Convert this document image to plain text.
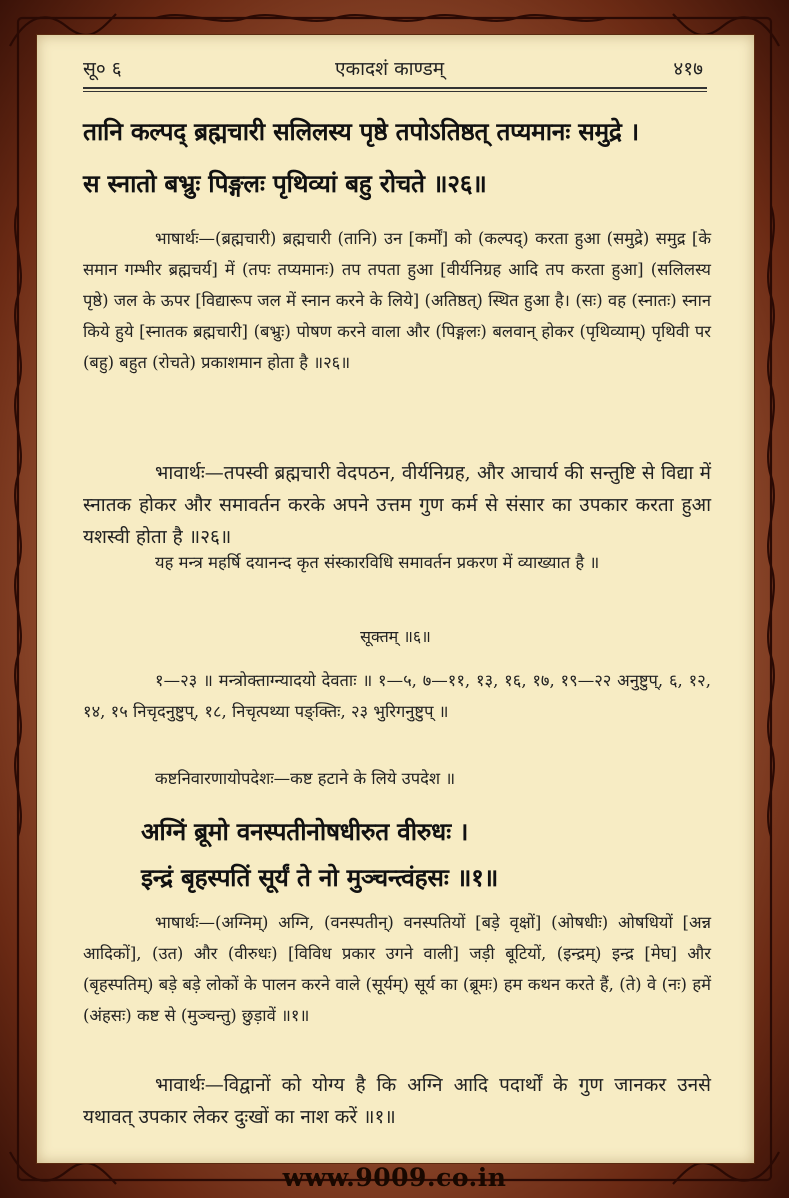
सू० ६	एकादशं काण्डम्	४१७
तानि कल्पद् ब्रह्मचारी सलिलस्य पृष्ठे तपोऽतिष्ठत् तप्यमानः समुद्रे ।
स स्नातो बभ्रुः पिङ्गलः पृथिव्यां बहु रोचते ॥२६॥
भाषार्थः—(ब्रह्मचारी) ब्रह्मचारी (तानि) उन [कर्मों] को (कल्पद्) करता हुआ (समुद्रे) समुद्र [के समान गम्भीर ब्रह्मचर्य] में (तपः तप्यमानः) तप तपता हुआ [वीर्यनिग्रह आदि तप करता हुआ] (सलिलस्य पृष्ठे) जल के ऊपर [विद्यारूप जल में स्नान करने के लिये] (अतिष्ठत्) स्थित हुआ है। (सः) वह (स्नातः) स्नान किये हुये [स्नातक ब्रह्मचारी] (बभ्रुः) पोषण करने वाला और (पिङ्गलः) बलवान् होकर (पृथिव्याम्) पृथिवी पर (बहु) बहुत (रोचते) प्रकाशमान होता है ॥२६॥
भावार्थः—तपस्वी ब्रह्मचारी वेदपठन, वीर्यनिग्रह, और आचार्य की सन्तुष्टि से विद्या में स्नातक होकर और समावर्तन करके अपने उत्तम गुण कर्म से संसार का उपकार करता हुआ यशस्वी होता है ॥२६॥
यह मन्त्र महर्षि दयानन्द कृत संस्कारविधि समावर्तन प्रकरण में व्याख्यात है ॥
सूक्तम् ॥६॥
१—२३ ॥ मन्त्रोक्ताग्न्यादयो देवताः ॥ १—५, ७—११, १३, १६, १७, १९—२२ अनुष्टुप्, ६, १२, १४, १५ निचृदनुष्टुप्, १८, निचृत्पथ्या पङ्क्तिः, २३ भुरिगनुष्टुप् ॥
कष्टनिवारणायोपदेशः—कष्ट हटाने के लिये उपदेश ॥
अग्निं ब्रूमो वनस्पतीनोषधीरुत वीरुधः ।
इन्द्रं बृहस्पतिं सूर्यं ते नो मुञ्चन्त्वंहसः ॥१॥
भाषार्थः—(अग्निम्) अग्नि, (वनस्पतीन्) वनस्पतियों [बड़े वृक्षों] (ओषधीः) ओषधियों [अन्न आदिकों], (उत) और (वीरुधः) [विविध प्रकार उगने वाली] जड़ी बूटियों, (इन्द्रम्) इन्द्र [मेघ] और (बृहस्पतिम्) बड़े बड़े लोकों के पालन करने वाले (सूर्यम्) सूर्य का (ब्रूमः) हम कथन करते हैं, (ते) वे (नः) हमें (अंहसः) कष्ट से (मुञ्चन्तु) छुड़ावें ॥१॥
भावार्थः—विद्वानों को योग्य है कि अग्नि आदि पदार्थों के गुण जानकर उनसे यथावत् उपकार लेकर दुःखों का नाश करें ॥१॥
www.9009.co.in
